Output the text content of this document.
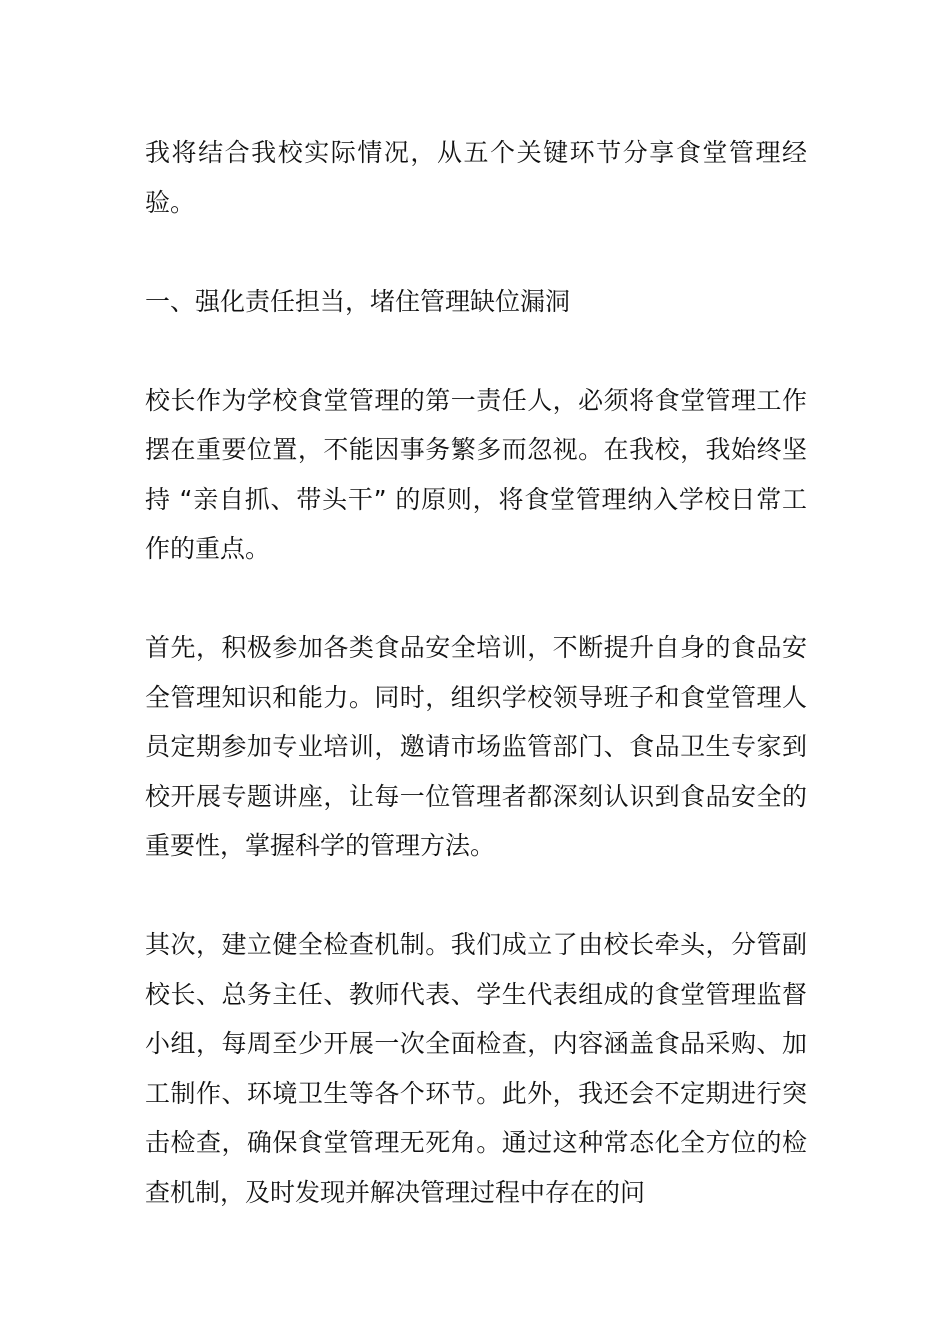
我将结合我校实际情况，从五个关键环节分享食堂管理经验。

一、强化责任担当，堵住管理缺位漏洞

校长作为学校食堂管理的第一责任人，必须将食堂管理工作摆在重要位置，不能因事务繁多而忽视。在我校，我始终坚持 “亲自抓、带头干” 的原则，将食堂管理纳入学校日常工作的重点。

首先，积极参加各类食品安全培训，不断提升自身的食品安全管理知识和能力。同时，组织学校领导班子和食堂管理人员定期参加专业培训，邀请市场监管部门、食品卫生专家到校开展专题讲座，让每一位管理者都深刻认识到食品安全的重要性，掌握科学的管理方法。

其次，建立健全检查机制。我们成立了由校长牵头，分管副校长、总务主任、教师代表、学生代表组成的食堂管理监督小组，每周至少开展一次全面检查，内容涵盖食品采购、加工制作、环境卫生等各个环节。此外，我还会不定期进行突击检查，确保食堂管理无死角。通过这种常态化全方位的检查机制，及时发现并解决管理过程中存在的问
